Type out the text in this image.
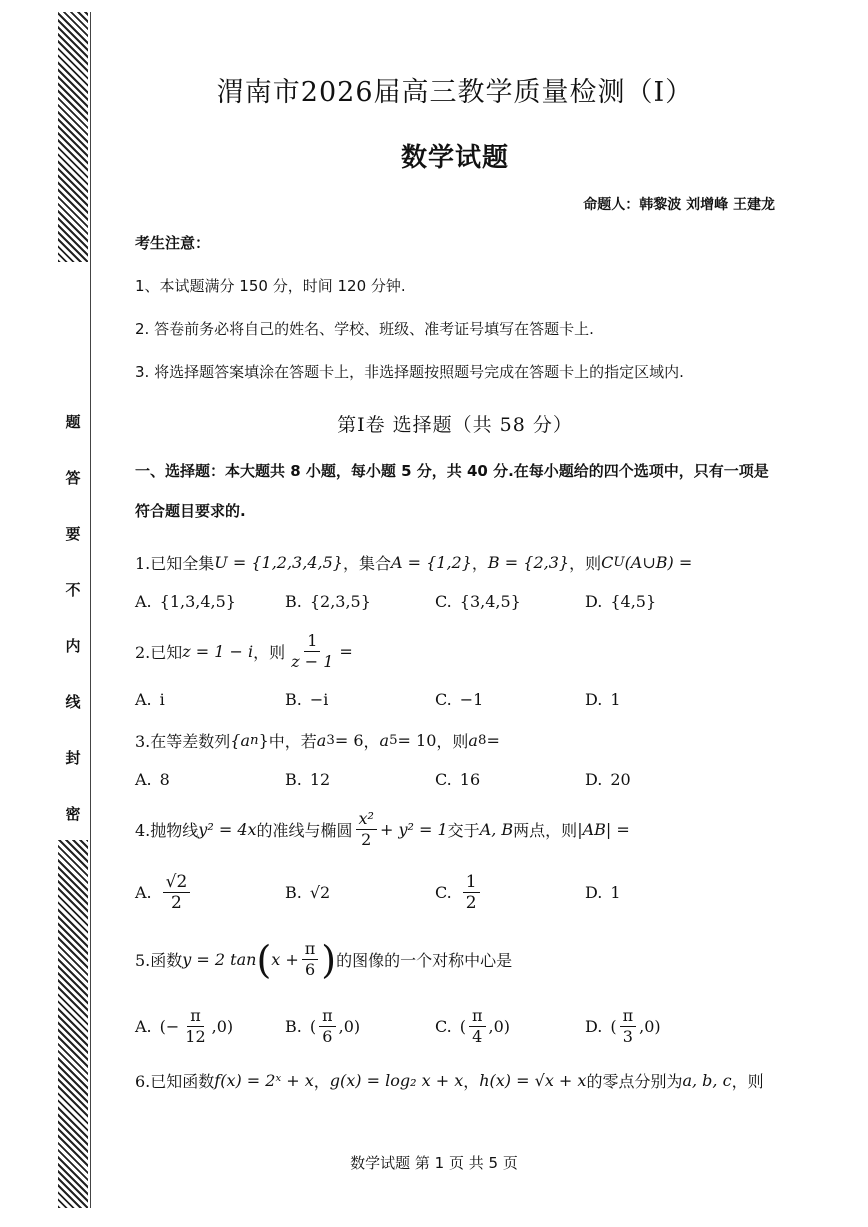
题
答
要
不
内
线
封
密
渭南市2026届高三教学质量检测（Ⅰ）
数学试题
命题人：韩黎波 刘增峰 王建龙
考生注意：
1、本试题满分 150 分，时间 120 分钟.
2. 答卷前务必将自己的姓名、学校、班级、准考证号填写在答题卡上.
3. 将选择题答案填涂在答题卡上，非选择题按照题号完成在答题卡上的指定区域内.
第Ⅰ卷 选择题（共 58 分）
一、选择题：本大题共 8 小题，每小题 5 分，共 40 分.在每小题给的四个选项中，只有一项是符合题目要求的.
1.已知全集 U = {1,2,3,4,5} ，集合 A = {1,2} ， B = {2,3} ，则 C U (A∪B) =
A. {1,3,4,5}	B. {2,3,5}	C. {3,4,5}	D. {4,5}
2.已知 z = 1 − i ，则 $\frac{1}{z - 1}$ =
A. i	B. −i	C. −1	D. 1
3.在等差数列 {a n } 中，若 a 3 = 6 ， a 5 = 10 ，则 a 8 =
A. 8	B. 12	C. 16	D. 20
4.抛物线 y² = 4x 的准线与椭圆 $\frac{\text{x²}}{2} + y^2 = 1$ 交于 A, B 两点，则 |AB| =
A. $\frac{√2}{2}$	B. √2	C. $\frac{1}{2}$	D. 1
5.函数 y = 2 tan ( $x + \frac{\pi}{6}$ ) 的图像的一个对称中心是
A. (− $\frac{\pi}{12} ,0$)	B. ( $\frac{\pi}{6} ,0$)	C. ( $\frac{\pi}{4} ,0$)	D. ( $\frac{\pi}{3} ,0$)
6.已知函数 f(x) = 2ˣ + x ， g(x) = log₂ x + x ， h(x) = √x + x 的零点分别为 a, b, c ，则
数学试题 第 1 页 共 5 页
